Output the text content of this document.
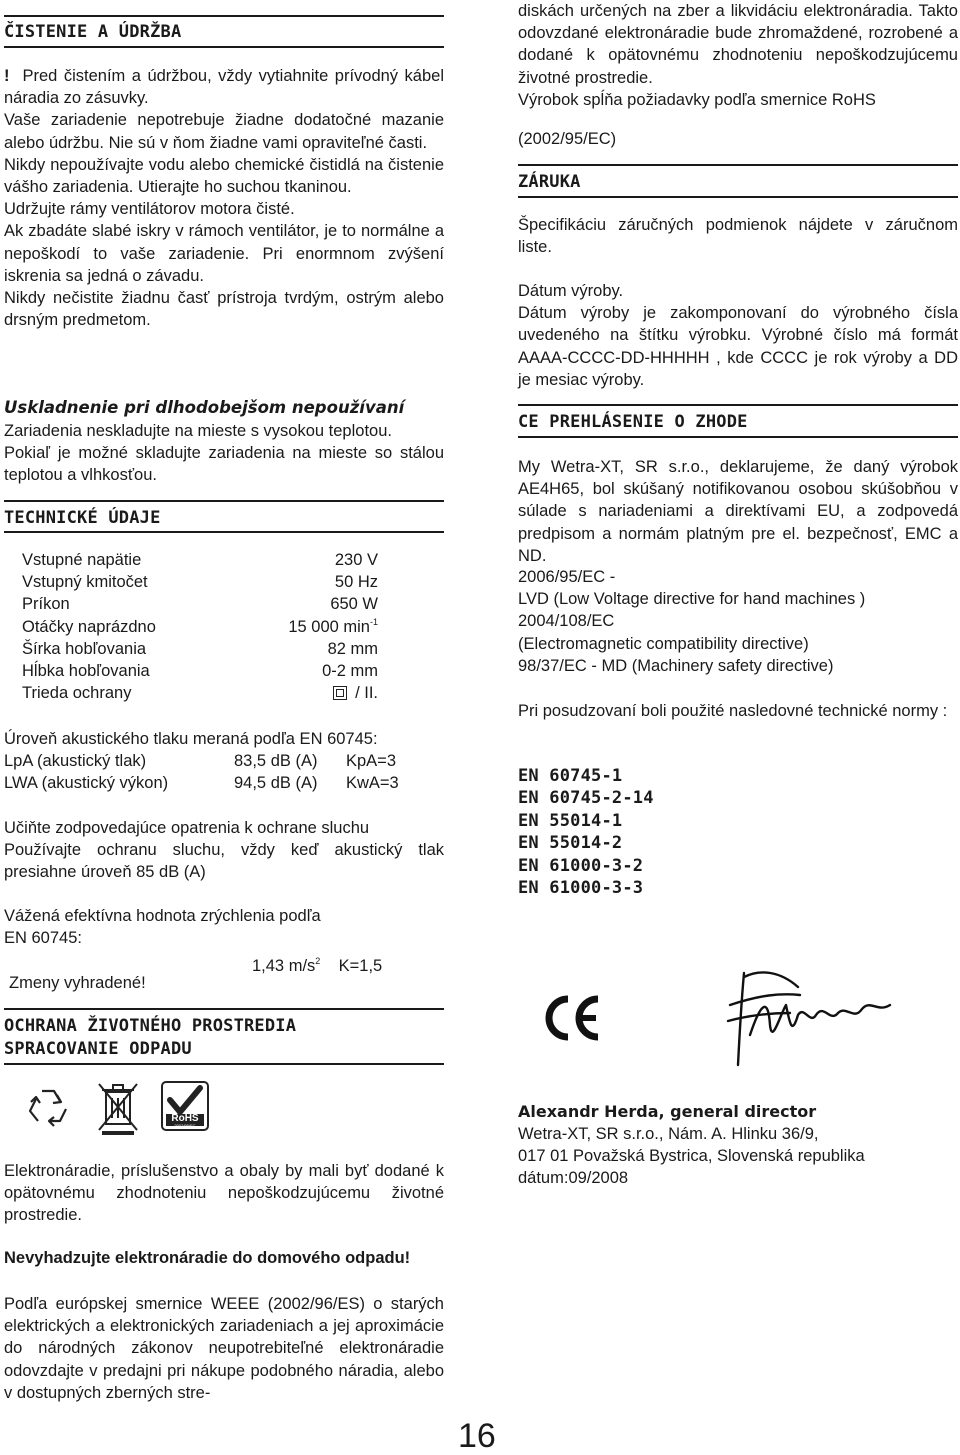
ČISTENIE A ÚDRŽBA

! Pred čistením a údržbou, vždy vytiahnite prívodný kábel náradia zo zásuvky.

Vaše zariadenie nepotrebuje žiadne dodatočné mazanie alebo údržbu. Nie sú v ňom žiadne vami opraviteľné časti.

Nikdy nepoužívajte vodu alebo chemické čistidlá na čistenie vášho zariadenia. Utierajte ho suchou tkaninou.

Udržujte rámy ventilátorov motora čisté.

Ak zbadáte slabé iskry v rámoch ventilátor, je to normálne a nepoškodí to vaše zariadenie. Pri enormnom zvýšení iskrenia sa jedná o závadu.

Nikdy nečistite žiadnu časť prístroja tvrdým, ostrým alebo drsným predmetom.

Uskladnenie pri dlhodobejšom nepoužívaní

Zariadenia neskladujte na mieste s vysokou teplotou.

Pokiaľ je možné skladujte zariadenia na mieste so stálou teplotou a vlhkosťou.

TECHNICKÉ ÚDAJE
Vstupné napätie	230 V
Vstupný kmitočet	50 Hz
Príkon	650 W
Otáčky naprázdno	15 000 $\min^{-1}$
Šírka hobľovania	82 mm
Hĺbka hobľovania	0-2 mm
Trieda ochrany	/ II.
Úroveň akustického tlaku meraná podľa EN 60745:
LpA (akustický tlak)	83,5 dB (A) KpA=3
LWA (akustický výkon)	94,5 dB (A) KwA=3

Učiňte zodpovedajúce opatrenia k ochrane sluchu

Používajte ochranu sluchu, vždy keď akustický tlak presiahne úroveň 85 dB (A)

Vážená efektívna hodnota zrýchlenia podľa

EN 60745:

1,43 $m/s^2$ K=1,5
Zmeny vyhradené!
OCHRANA ŽIVOTNÉHO PROSTREDIA
SPRACOVANIE ODPADU
RoHS
2002/95/EC
Elektronáradie, príslušenstvo a obaly by mali byť dodané k opätovnému zhodnoteniu nepoškodzujúcemu životné prostredie.
Nevyhadzujte elektronáradie do domového odpadu!
Podľa európskej smernice WEEE (2002/96/ES) o starých elektrických a elektronických zariadeniach a jej aproximácie do národných zákonov neupotrebiteľné elektronáradie odovzdajte v predajni pri nákupe podobného náradia, alebo v dostupných zberných stre-
diskách určených na zber a likvidáciu elektronáradia. Takto odovzdané elektronáradie bude zhromaždené, rozrobené a dodané k opätovnému zhodnoteniu nepoškodzujúcemu životné prostredie.
Výrobok spĺňa požiadavky podľa smernice RoHS
(2002/95/EC)
ZÁRUKA
Špecifikáciu záručných podmienok nájdete v záručnom liste.

Dátum výroby.

Dátum výroby je zakomponovaní do výrobného čísla uvedeného na štítku výrobku. Výrobné číslo má formát AAAA-CCCC-DD-HHHHH , kde CCCC je rok výroby a DD je mesiac výroby.

CE PREHLÁSENIE O ZHODE
My Wetra-XT, SR s.r.o., deklarujeme, že daný výrobok AE4H65, bol skúšaný notifikovanou osobou skúšobňou v súlade s nariadeniami a direktívami EU, a zodpovedá predpisom a normám platným pre el. bezpečnosť, EMC a ND.
2006/95/EC -
LVD (Low Voltage directive for hand machines )
2004/108/EC
(Electromagnetic compatibility directive)
98/37/EC - MD (Machinery safety directive)
Pri posudzovaní boli použité nasledovné technické normy :
EN 60745-1
EN 60745-2-14
EN 55014-1
EN 55014-2
EN 61000-3-2
EN 61000-3-3
Alexandr Herda, general director

Wetra-XT, SR s.r.o., Nám. A. Hlinku 36/9,

017 01 Považská Bystrica, Slovenská republika

dátum:09/2008

16
